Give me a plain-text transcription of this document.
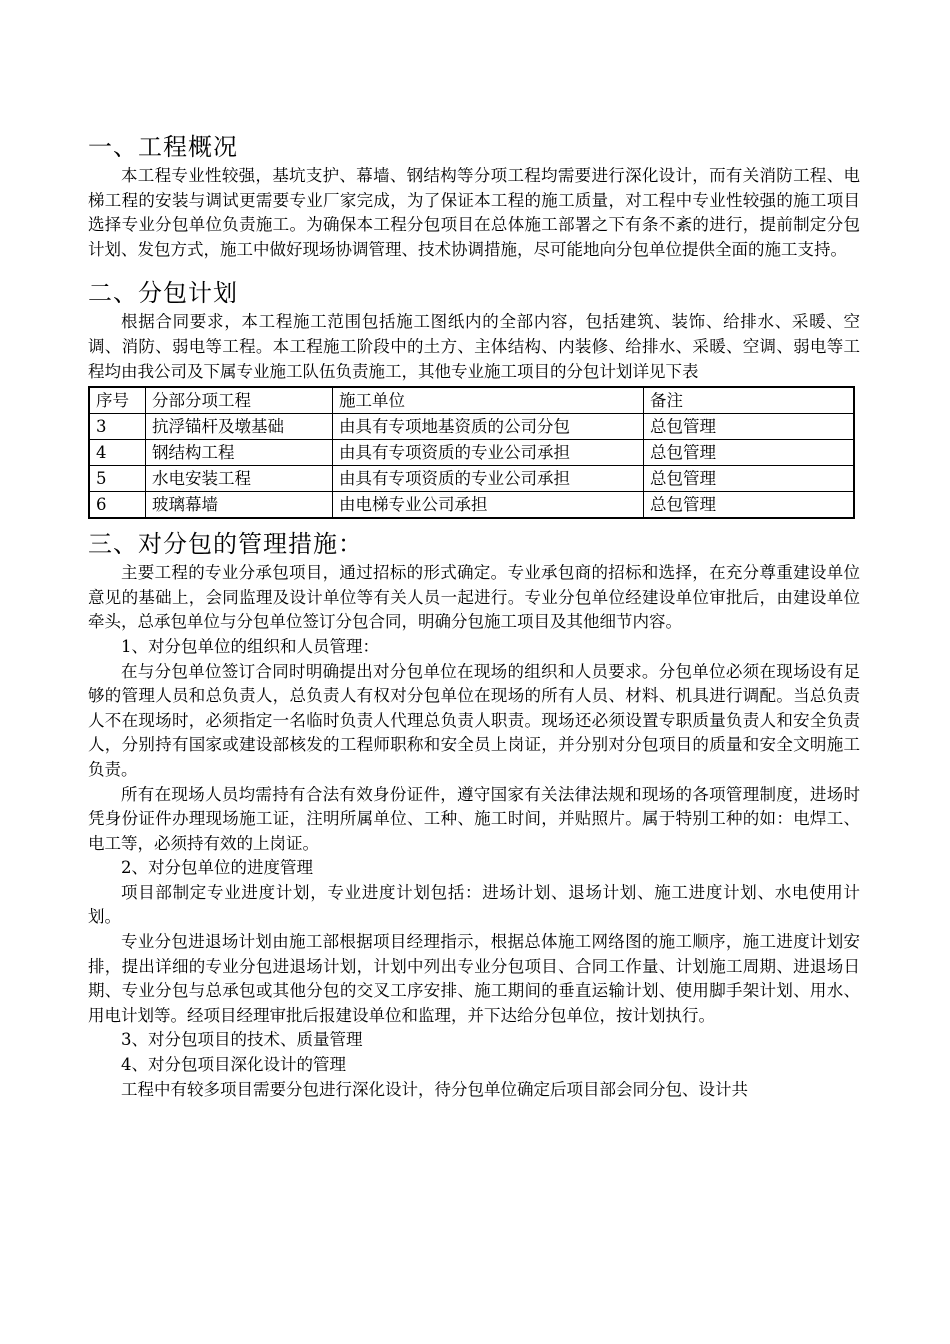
一、工程概况

本工程专业性较强，基坑支护、幕墙、钢结构等分项工程均需要进行深化设计，而有关消防工程、电梯工程的安装与调试更需要专业厂家完成，为了保证本工程的施工质量，对工程中专业性较强的施工项目选择专业分包单位负责施工。为确保本工程分包项目在总体施工部署之下有条不紊的进行，提前制定分包计划、发包方式，施工中做好现场协调管理、技术协调措施，尽可能地向分包单位提供全面的施工支持。

二、分包计划

根据合同要求，本工程施工范围包括施工图纸内的全部内容，包括建筑、装饰、给排水、采暖、空调、消防、弱电等工程。本工程施工阶段中的土方、主体结构、内装修、给排水、采暖、空调、弱电等工程均由我公司及下属专业施工队伍负责施工，其他专业施工项目的分包计划详见下表

序号	分部分项工程	施工单位	备注
3	抗浮锚杆及墩基础	由具有专项地基资质的公司分包	总包管理
4	钢结构工程	由具有专项资质的专业公司承担	总包管理
5	水电安装工程	由具有专项资质的专业公司承担	总包管理
6	玻璃幕墙	由电梯专业公司承担	总包管理
三、对分包的管理措施：

主要工程的专业分承包项目，通过招标的形式确定。专业承包商的招标和选择，在充分尊重建设单位意见的基础上，会同监理及设计单位等有关人员一起进行。专业分包单位经建设单位审批后，由建设单位牵头，总承包单位与分包单位签订分包合同，明确分包施工项目及其他细节内容。

1、对分包单位的组织和人员管理：

在与分包单位签订合同时明确提出对分包单位在现场的组织和人员要求。分包单位必须在现场设有足够的管理人员和总负责人，总负责人有权对分包单位在现场的所有人员、材料、机具进行调配。当总负责人不在现场时，必须指定一名临时负责人代理总负责人职责。现场还必须设置专职质量负责人和安全负责人，分别持有国家或建设部核发的工程师职称和安全员上岗证，并分别对分包项目的质量和安全文明施工负责。

所有在现场人员均需持有合法有效身份证件，遵守国家有关法律法规和现场的各项管理制度，进场时凭身份证件办理现场施工证，注明所属单位、工种、施工时间，并贴照片。属于特别工种的如：电焊工、电工等，必须持有效的上岗证。

2、对分包单位的进度管理

项目部制定专业进度计划，专业进度计划包括：进场计划、退场计划、施工进度计划、水电使用计划。

专业分包进退场计划由施工部根据项目经理指示，根据总体施工网络图的施工顺序，施工进度计划安排，提出详细的专业分包进退场计划，计划中列出专业分包项目、合同工作量、计划施工周期、进退场日期、专业分包与总承包或其他分包的交叉工序安排、施工期间的垂直运输计划、使用脚手架计划、用水、用电计划等。经项目经理审批后报建设单位和监理，并下达给分包单位，按计划执行。

3、对分包项目的技术、质量管理

4、对分包项目深化设计的管理

工程中有较多项目需要分包进行深化设计，待分包单位确定后项目部会同分包、设计共
